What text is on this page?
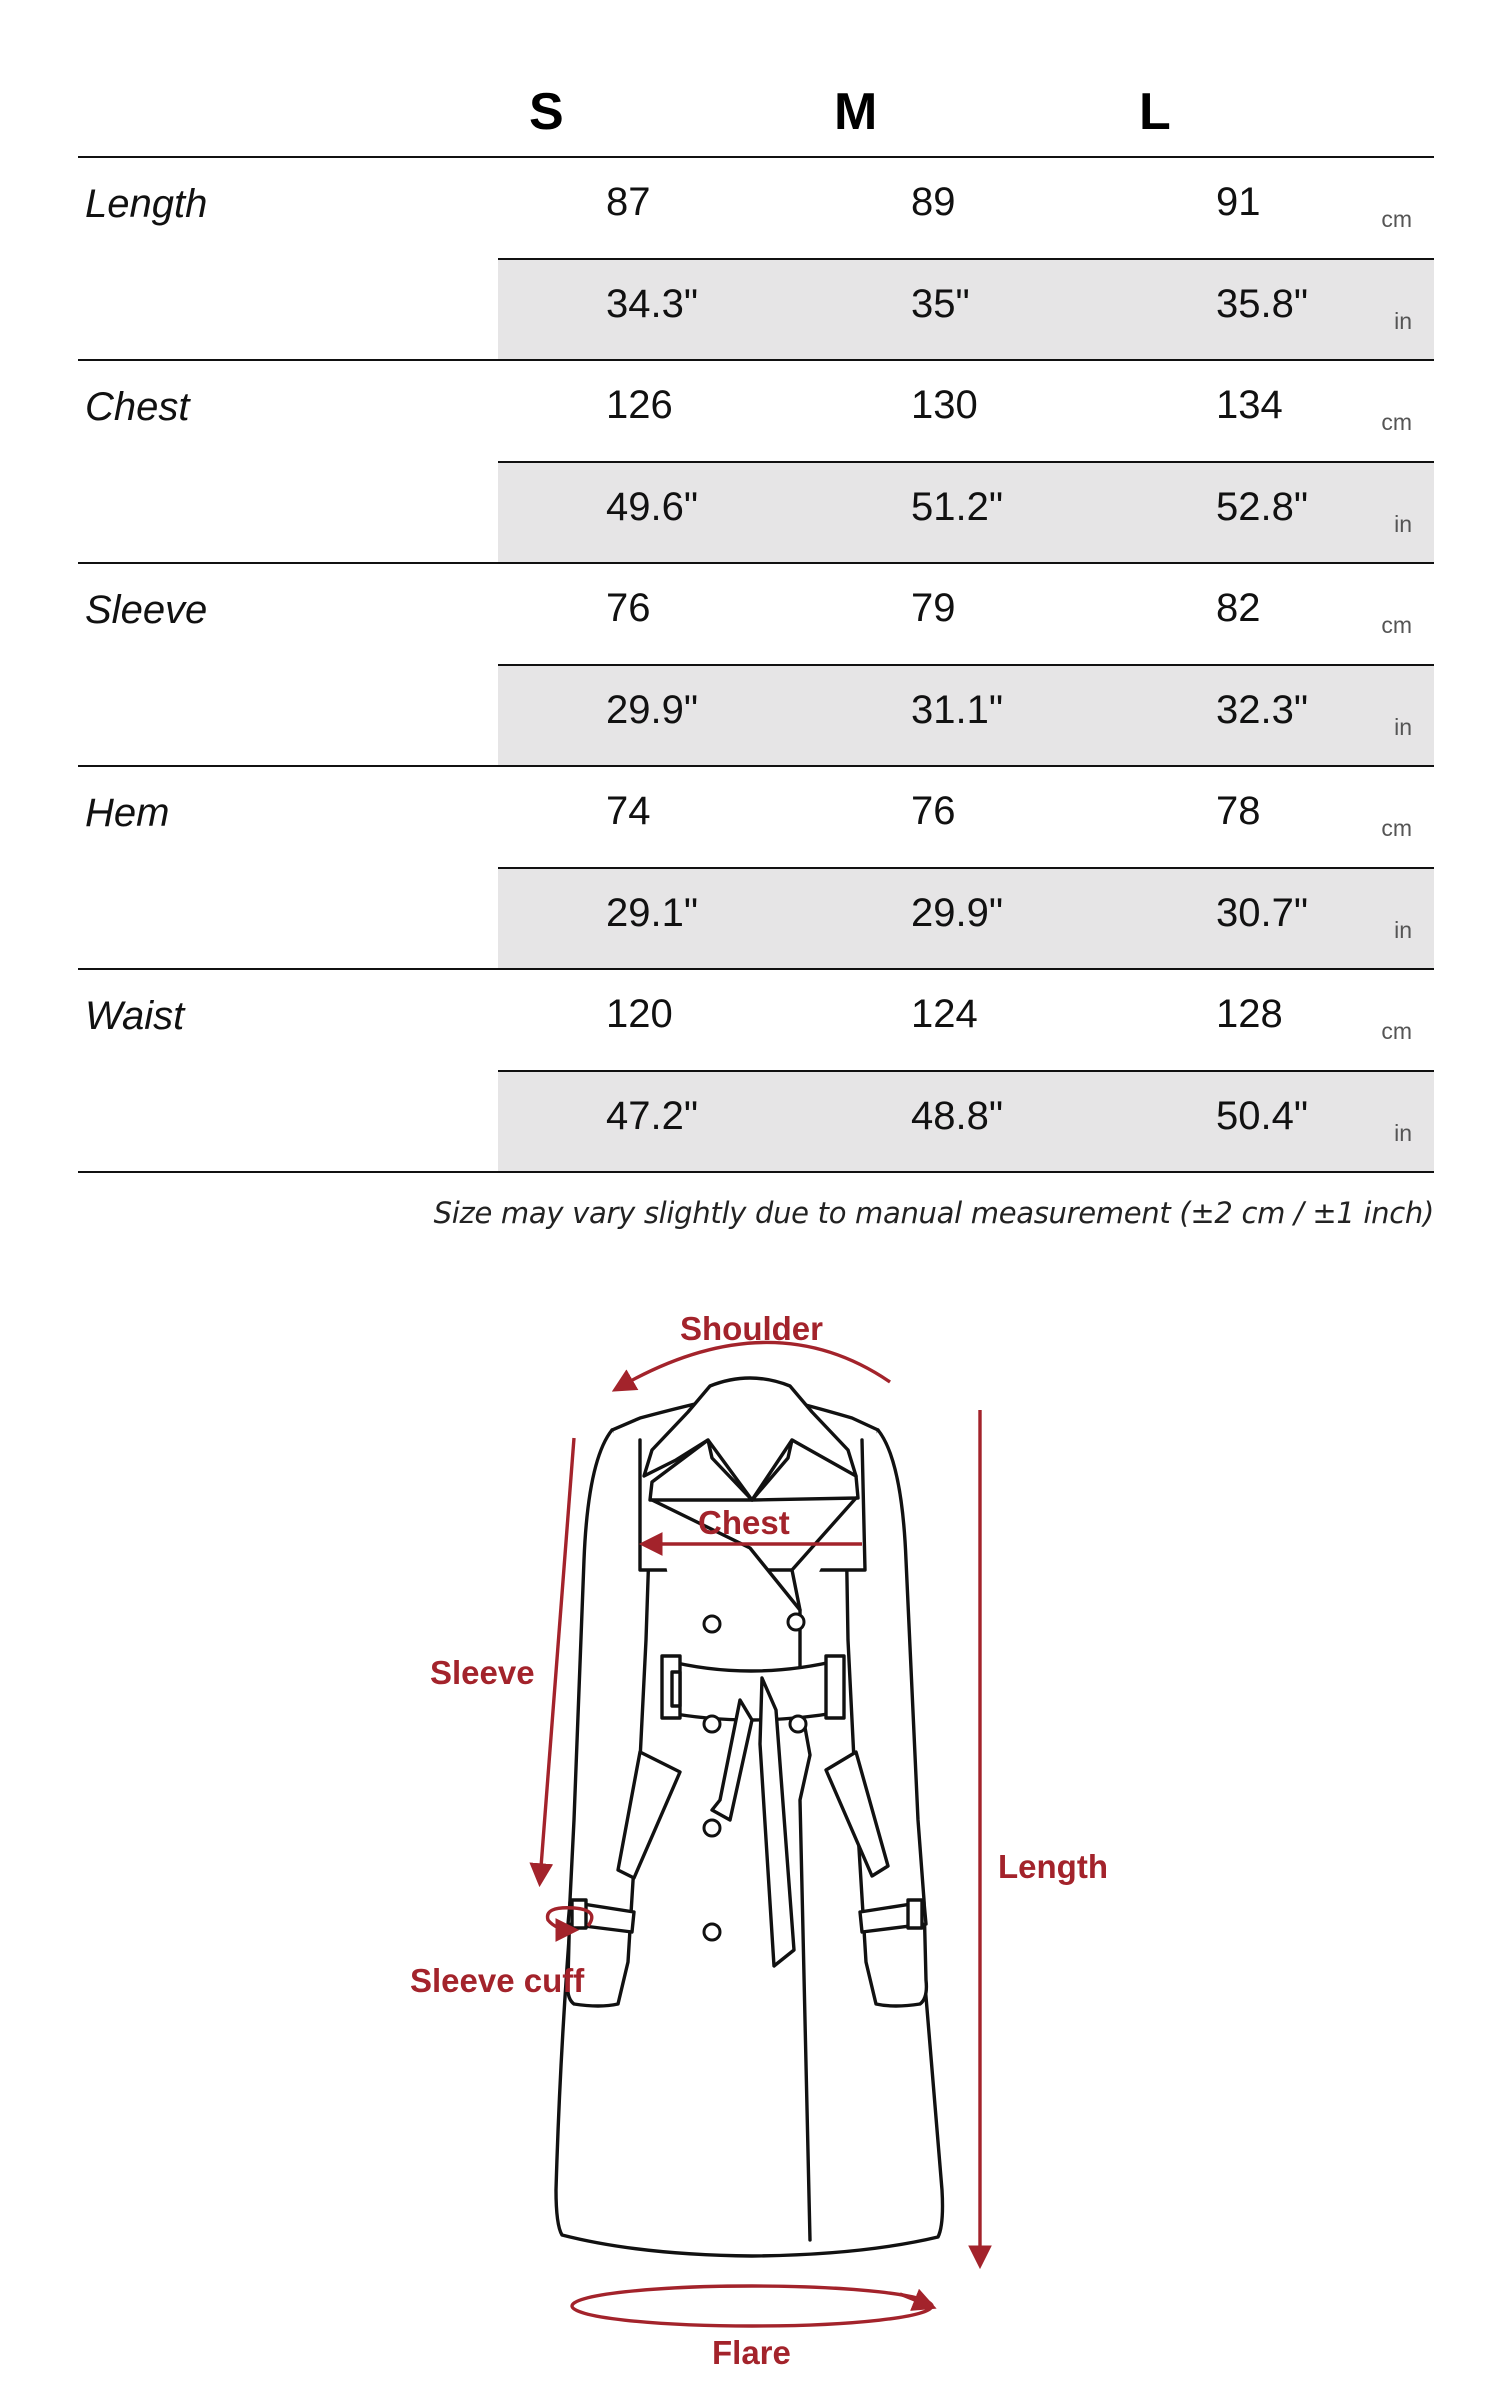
S	M	L
Length	87	89	91	cm
34.3"	35"	35.8"	in
Chest	126	130	134	cm
49.6"	51.2"	52.8"	in
Sleeve	76	79	82	cm
29.9"	31.1"	32.3"	in
Hem	74	76	78	cm
29.1"	29.9"	30.7"	in
Waist	120	124	128	cm
47.2"	48.8"	50.4"	in
Size may vary slightly due to manual measurement (±2 cm / ±1 inch)
Shoulder
Chest
Sleeve
Length
Sleeve cuff
Flare
